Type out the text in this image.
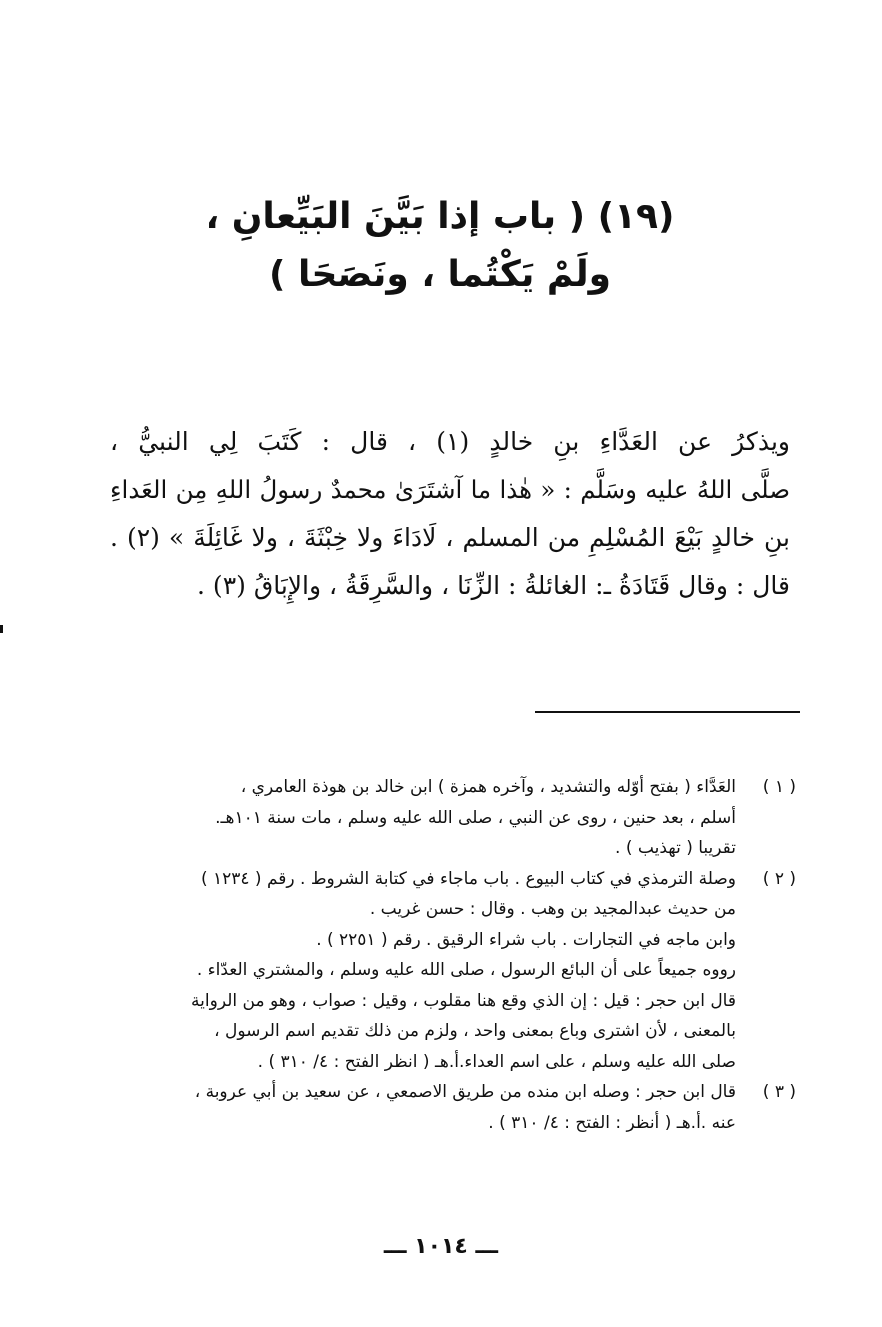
(١٩) ( باب إذا بَيَّنَ البَيِّعانِ ،
ولَمْ يَكْتُما ، ونَصَحَا )
ويذكرُ عن العَدَّاءِ بنِ خالدٍ (١) ، قال : كَتَبَ لِي النبيُّ ،
صلَّى اللهُ عليه وسَلَّم : « هٰذا ما آشتَرَىٰ محمدٌ رسولُ اللهِ مِن العَداءِ
بنِ خالدٍ بَيْعَ المُسْلِمِ من المسلم ، لَادَاءَ ولا خِبْثَةَ ، ولا غَائِلَةَ » (٢) .
قال : وقال قَتَادَةُ ـ: الغائلةُ : الزِّنَا ، والسَّرِقَةُ ، والإِبَاقُ (٣) .
( ١ )
العَدَّاء ( بفتح أوّله والتشديد ، وآخره همزة ) ابن خالد بن هوذة العامري ،
أسلم ، بعد حنين ، روى عن النبي ، صلى الله عليه وسلم ، مات سنة ١٠١هـ.
تقريبا ( تهذيب ) .
( ٢ )
وصلة الترمذي في كتاب البيوع . باب ماجاء في كتابة الشروط . رقم ( ١٢٣٤ )
من حديث عبدالمجيد بن وهب . وقال : حسن غريب .
وابن ماجه في التجارات . باب شراء الرقيق . رقم ( ٢٢٥١ ) .
رووه جميعاً على أن البائع الرسول ، صلى الله عليه وسلم ، والمشتري العدّاء .
قال ابن حجر : قيل : إن الذي وقع هنا مقلوب ، وقيل : صواب ، وهو من الرواية
بالمعنى ، لأن اشترى وباع بمعنى واحد ، ولزم من ذلك تقديم اسم الرسول ،
صلى الله عليه وسلم ، على اسم العداء.أ.هـ ( انظر الفتح : ٤/ ٣١٠ ) .
( ٣ )
قال ابن حجر : وصله ابن منده من طريق الاصمعي ، عن سعيد بن أبي عروبة ،
عنه .أ.هـ ( أنظر : الفتح : ٤/ ٣١٠ ) .
ـــ ١٠١٤ ـــ
